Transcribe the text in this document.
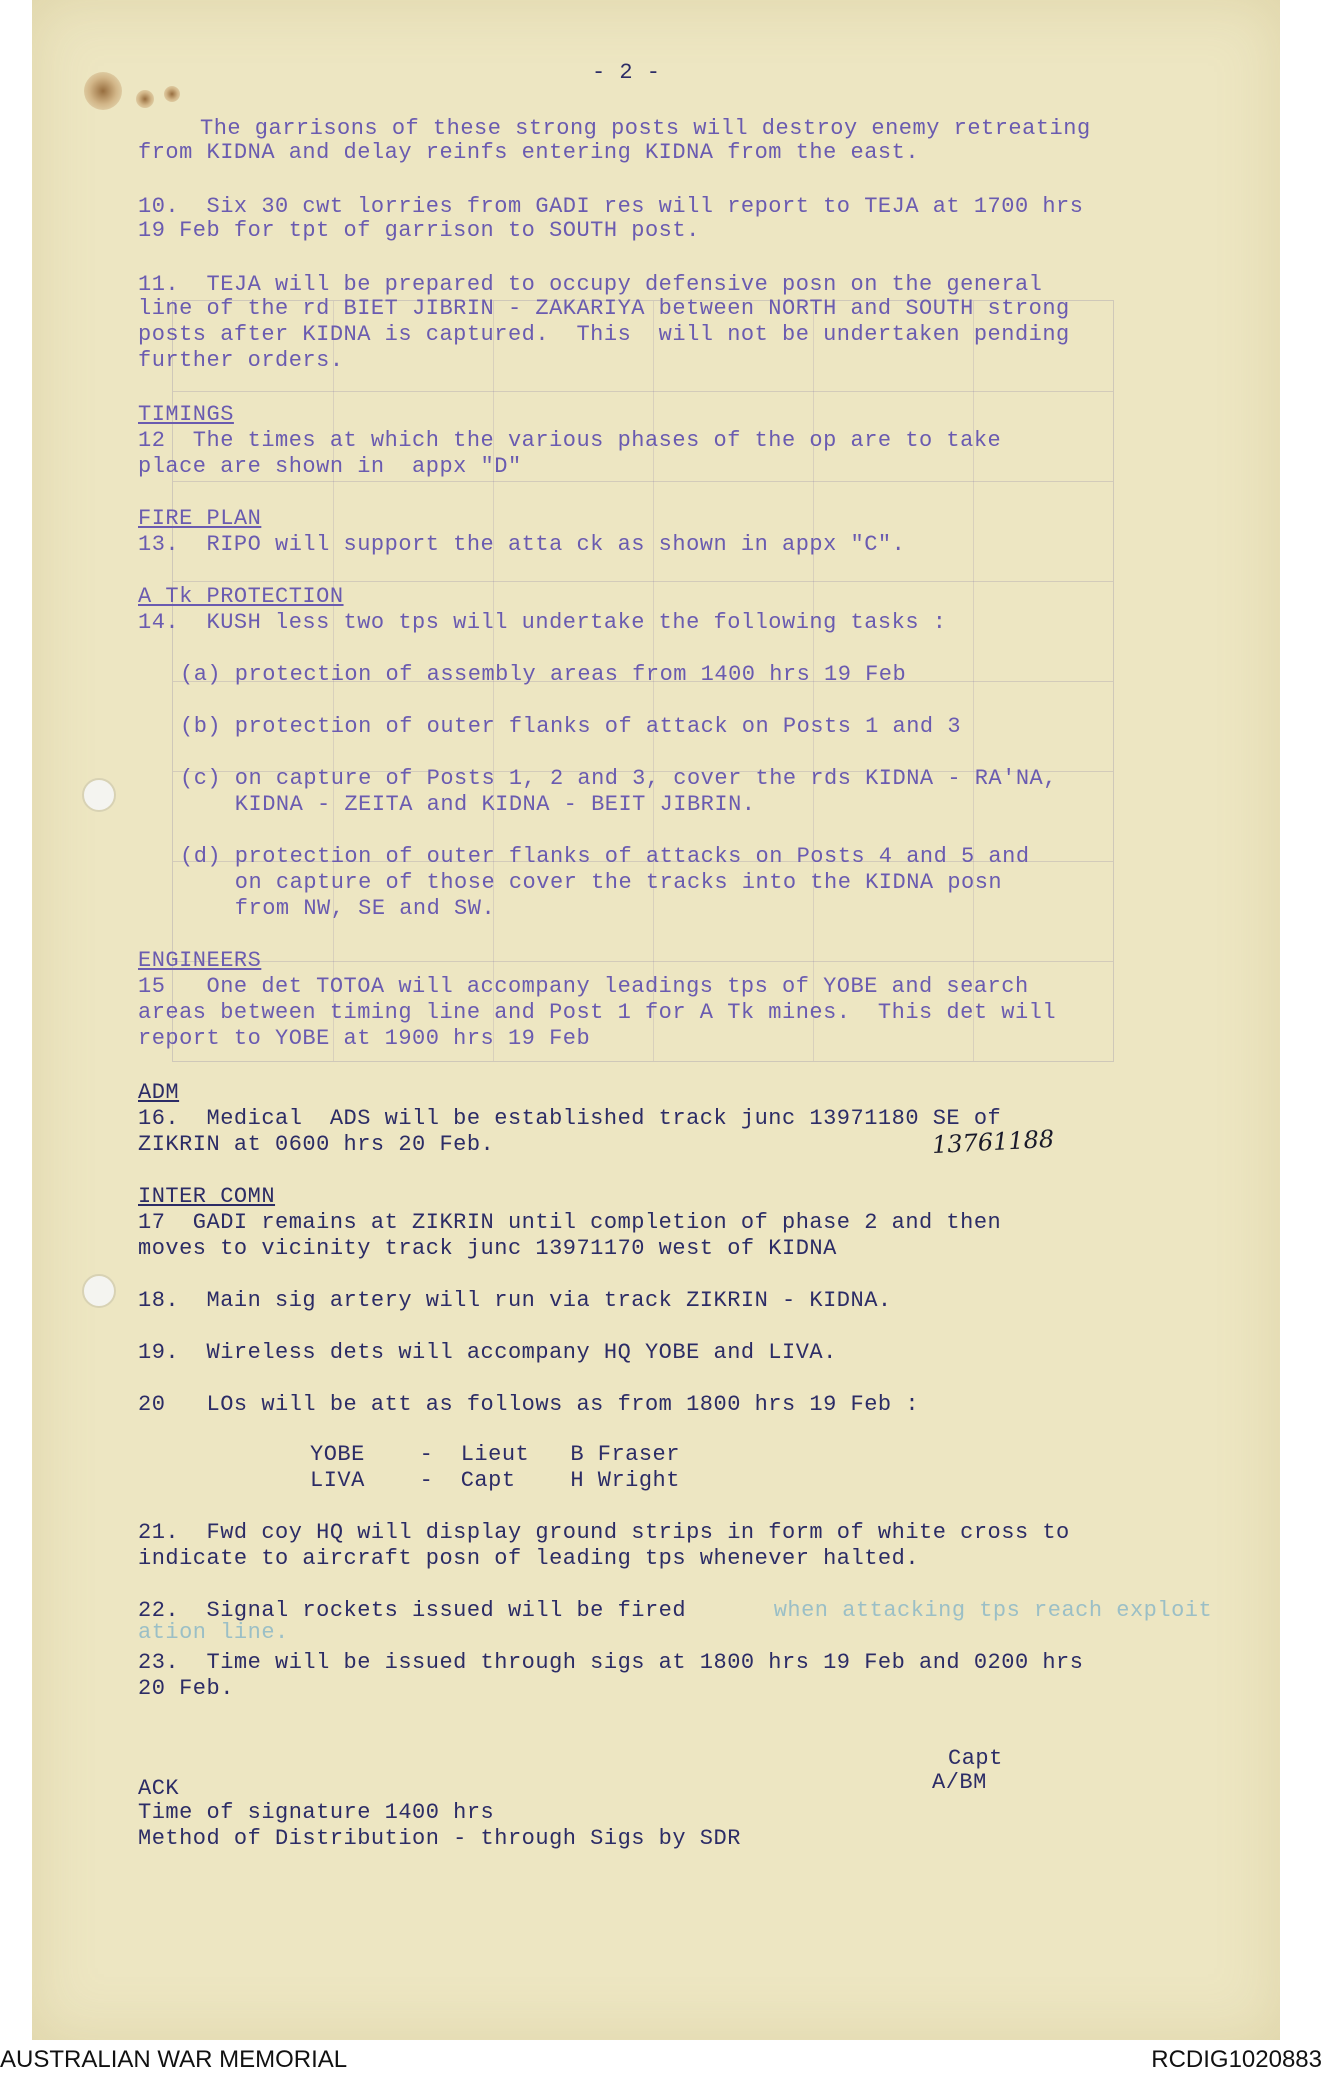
- 2 -
The garrisons of these strong posts will destroy enemy retreating
from KIDNA and delay reinfs entering KIDNA from the east.
10.  Six 30 cwt lorries from GADI res will report to TEJA at 1700 hrs
19 Feb for tpt of garrison to SOUTH post.
11.  TEJA will be prepared to occupy defensive posn on the general
line of the rd BIET JIBRIN - ZAKARIYA between NORTH and SOUTH strong
posts after KIDNA is captured.  This  will not be undertaken pending
further orders.
TIMINGS
12  The times at which the various phases of the op are to take
place are shown in  appx "D"
FIRE PLAN
13.  RIPO will support the atta ck as shown in appx "C".
A Tk PROTECTION
14.  KUSH less two tps will undertake the following tasks :
(a) protection of assembly areas from 1400 hrs 19 Feb
(b) protection of outer flanks of attack on Posts 1 and 3
(c) on capture of Posts 1, 2 and 3, cover the rds KIDNA - RA'NA,
KIDNA - ZEITA and KIDNA - BEIT JIBRIN.
(d) protection of outer flanks of attacks on Posts 4 and 5 and
on capture of those cover the tracks into the KIDNA posn
from NW, SE and SW.
ENGINEERS
15   One det TOTOA will accompany leadings tps of YOBE and search
areas between timing line and Post 1 for A Tk mines.  This det will
report to YOBE at 1900 hrs 19 Feb
ADM
16.  Medical  ADS will be established track junc 13971180 SE of
ZIKRIN at 0600 hrs 20 Feb.	13761188
INTER COMN
17  GADI remains at ZIKRIN until completion of phase 2 and then
moves to vicinity track junc 13971170 west of KIDNA
18.  Main sig artery will run via track ZIKRIN - KIDNA.
19.  Wireless dets will accompany HQ YOBE and LIVA.
20   LOs will be att as follows as from 1800 hrs 19 Feb :
YOBE    -  Lieut   B Fraser
LIVA    -  Capt    H Wright
21.  Fwd coy HQ will display ground strips in form of white cross to
indicate to aircraft posn of leading tps whenever halted.
22.  Signal rockets issued will be fired	when attacking tps reach exploit
ation line.
23.  Time will be issued through sigs at 1800 hrs 19 Feb and 0200 hrs
20 Feb.
Capt
A/BM
ACK
Time of signature 1400 hrs
Method of Distribution - through Sigs by SDR
AUSTRALIAN WAR MEMORIAL	RCDIG1020883
